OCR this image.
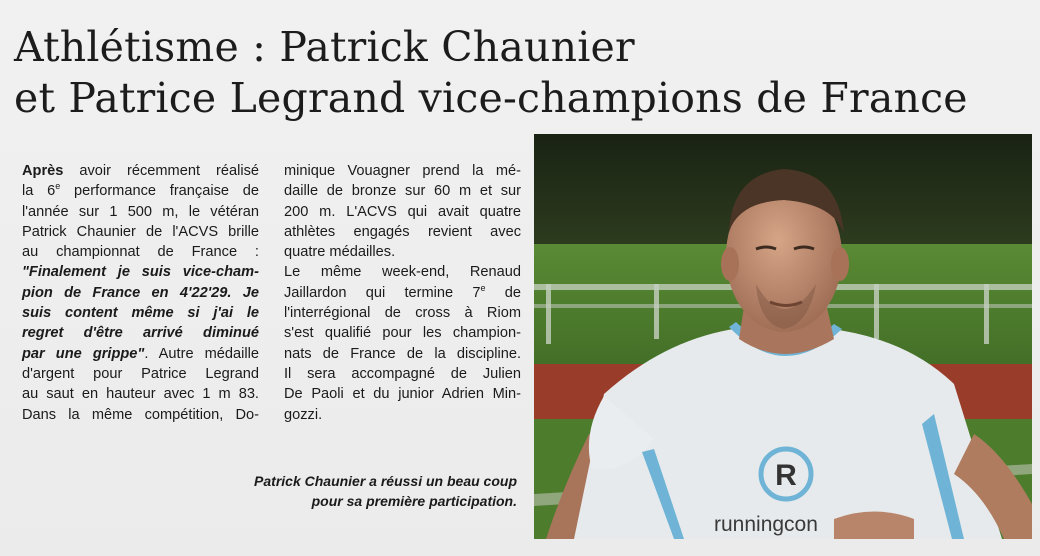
Athlétisme : Patrick Chaunier
et Patrice Legrand vice-champions de France
Après avoir récemment réalisé
la 6e performance française de
l'année sur 1 500 m, le vétéran
Patrick Chaunier de l'ACVS brille
au championnat de France :
"Finalement je suis vice-cham-
pion de France en 4'22'29. Je
suis content même si j'ai le
regret d'être arrivé diminué
par une grippe". Autre médaille
d'argent pour Patrice Legrand
au saut en hauteur avec 1 m 83.
Dans la même compétition, Do-
minique Vouagner prend la mé-
daille de bronze sur 60 m et sur
200 m. L'ACVS qui avait quatre
athlètes engagés revient avec
quatre médailles.
Le même week-end, Renaud
Jaillardon qui termine 7e de
l'interrégional de cross à Riom
s'est qualifié pour les champion-
nats de France de la discipline.
Il sera accompagné de Julien
De Paoli et du junior Adrien Min-
gozzi.
Patrick Chaunier a réussi un beau coup
pour sa première participation.
R
runningcon
